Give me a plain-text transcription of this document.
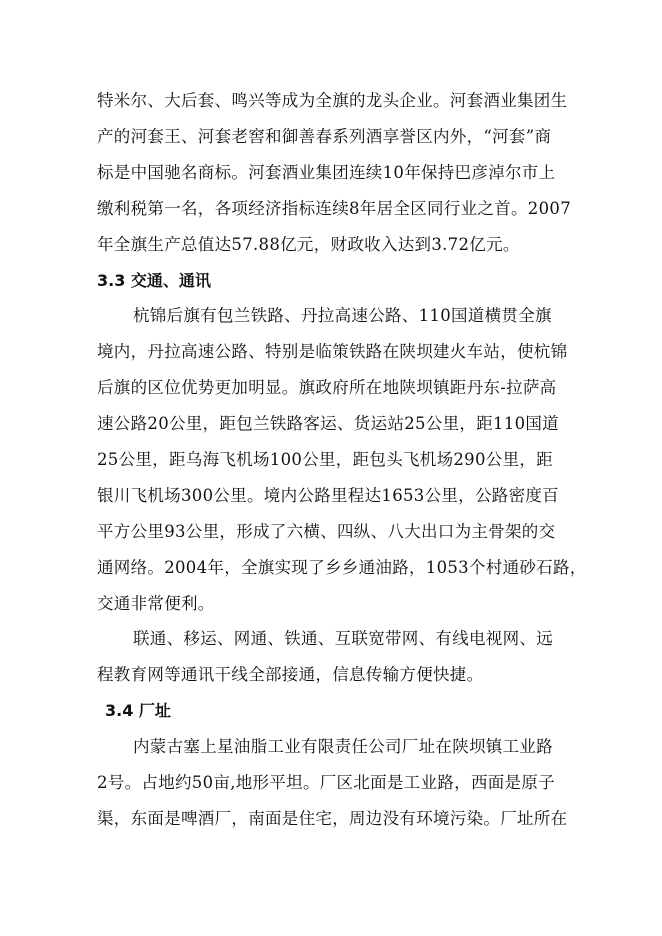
特米尔、大后套、鸣兴等成为全旗的龙头企业。河套酒业集团生
产的河套王、河套老窖和御善春系列酒享誉区内外，“河套”商
标是中国驰名商标。河套酒业集团连续10年保持巴彦淖尔市上
缴利税第一名，各项经济指标连续8年居全区同行业之首。2007
年全旗生产总值达57.88亿元，财政收入达到3.72亿元。
3.3 交通、通讯
杭锦后旗有包兰铁路、丹拉高速公路、110国道横贯全旗
境内，丹拉高速公路、特别是临策铁路在陕坝建火车站，使杭锦
后旗的区位优势更加明显。旗政府所在地陕坝镇距丹东-拉萨高
速公路20公里，距包兰铁路客运、货运站25公里，距110国道
25公里，距乌海飞机场100公里，距包头飞机场290公里，距
银川飞机场300公里。境内公路里程达1653公里，公路密度百
平方公里93公里，形成了六横、四纵、八大出口为主骨架的交
通网络。2004年，全旗实现了乡乡通油路，1053个村通砂石路，
交通非常便利。
联通、移运、网通、铁通、互联宽带网、有线电视网、远
程教育网等通讯干线全部接通，信息传输方便快捷。
3.4 厂址
内蒙古塞上星油脂工业有限责任公司厂址在陕坝镇工业路
2号。占地约50亩,地形平坦。厂区北面是工业路，西面是原子
渠，东面是啤酒厂，南面是住宅，周边没有环境污染。厂址所在
